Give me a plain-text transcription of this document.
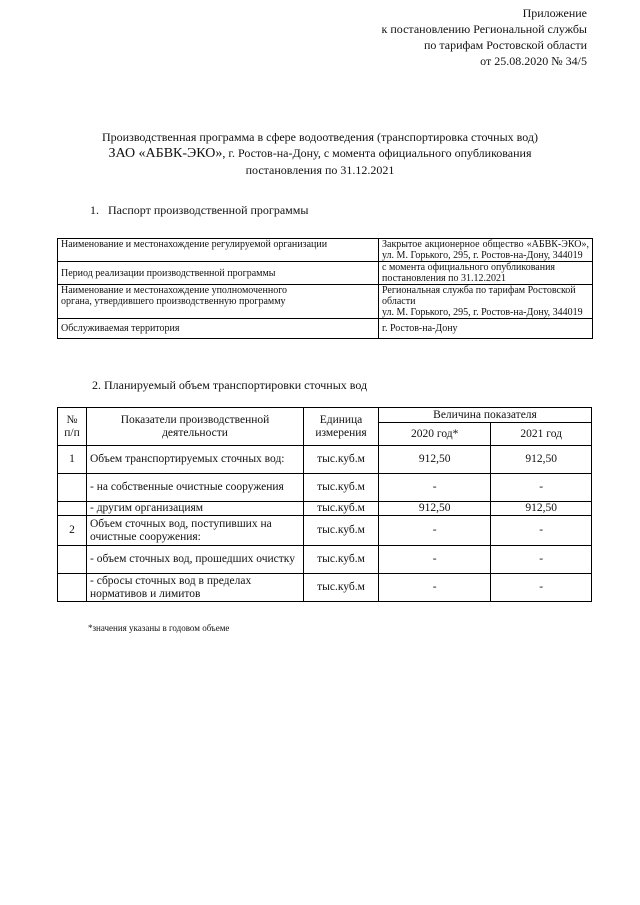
Приложение
к постановлению Региональной службы
по тарифам Ростовской области
от 25.08.2020 № 34/5
Производственная программа в сфере водоотведения (транспортировка сточных вод)
ЗАО «АБВК-ЭКО», г. Ростов-на-Дону, с момента официального опубликования
постановления по 31.12.2021
1. Паспорт производственной программы
Наименование и местонахождение регулируемой организации	Закрытое акционерное общество «АБВК-ЭКО»,
ул. М. Горького, 295, г. Ростов-на-Дону, 344019

Период реализации производственной программы	с момента официального опубликования
постановления по 31.12.2021

Наименование и местонахождение уполномоченного органа, утвердившего производственную программу	Региональная служба по тарифам Ростовской области
ул. М. Горького, 295, г. Ростов-на-Дону, 344019

Обслуживаемая территория	г. Ростов-на-Дону
2. Планируемый объем транспортировки сточных вод
№ п/п	Показатели производственной деятельности	Единица измерения	Величина показателя	
			2020 год*	2021 год
1	Объем транспортируемых сточных вод:	тыс.куб.м	912,50	912,50
	- на собственные очистные сооружения	тыс.куб.м	-	-
	- другим организациям	тыс.куб.м	912,50	912,50
2	Объем сточных вод, поступивших на очистные сооружения:	тыс.куб.м	-	-
	- объем сточных вод, прошедших очистку	тыс.куб.м	-	-
	- сбросы сточных вод в пределах нормативов и лимитов	тыс.куб.м	-	-
*значения указаны в годовом объеме
